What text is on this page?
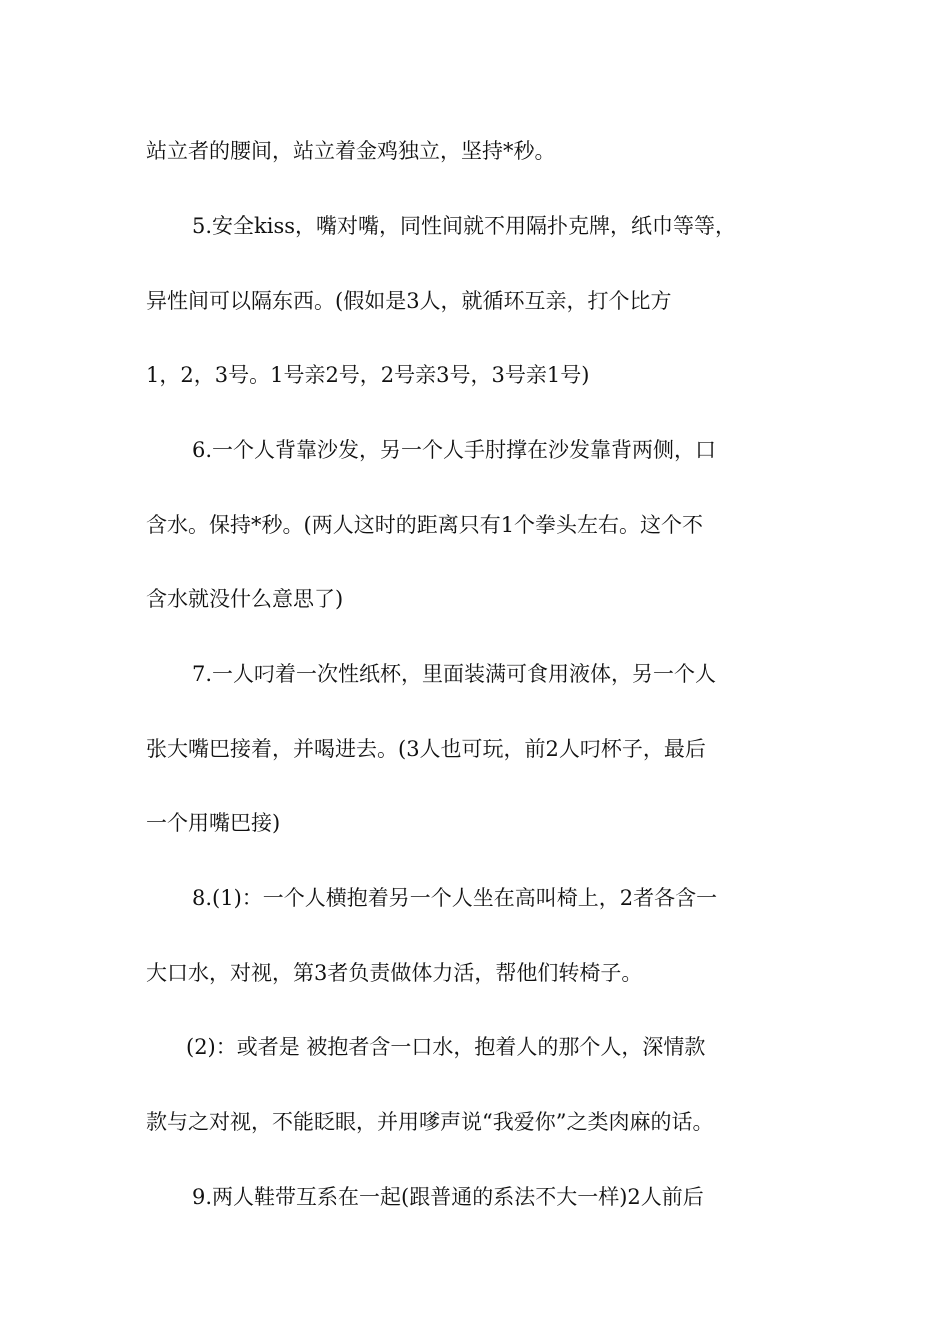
站立者的腰间，站立着金鸡独立，坚持*秒。
5.安全kiss，嘴对嘴，同性间就不用隔扑克牌，纸巾等等，
异性间可以隔东西。(假如是3人，就循环互亲，打个比方
1，2，3号。1号亲2号，2号亲3号，3号亲1号)
6.一个人背靠沙发，另一个人手肘撑在沙发靠背两侧，口
含水。保持*秒。(两人这时的距离只有1个拳头左右。这个不
含水就没什么意思了)
7.一人叼着一次性纸杯，里面装满可食用液体，另一个人
张大嘴巴接着，并喝进去。(3人也可玩，前2人叼杯子，最后
一个用嘴巴接)
8.(1)：一个人横抱着另一个人坐在高叫椅上，2者各含一
大口水，对视，第3者负责做体力活，帮他们转椅子。
(2)：或者是 被抱者含一口水，抱着人的那个人，深情款
款与之对视，不能眨眼，并用嗲声说“我爱你”之类肉麻的话。
9.两人鞋带互系在一起(跟普通的系法不大一样)2人前后
